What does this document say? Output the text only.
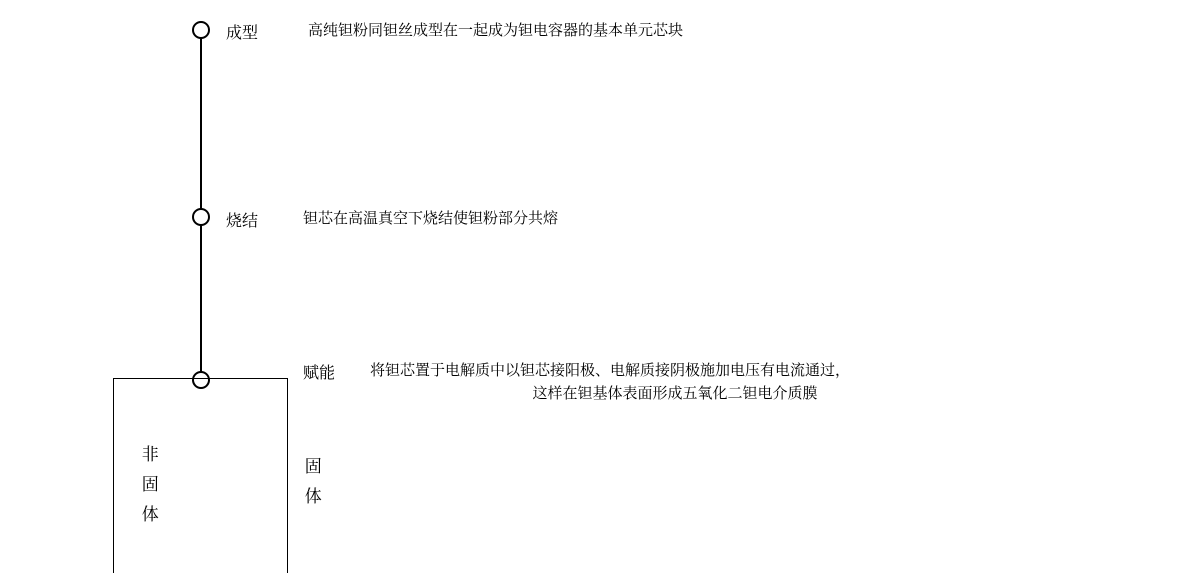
成型	高纯钽粉同钽丝成型在一起成为钽电容器的基本单元芯块
烧结	钽芯在高温真空下烧结使钽粉部分共熔
赋能 将钽芯置于电解质中以钽芯接阳极、电解质接阴极施加电压有电流通过，
这样在钽基体表面形成五氧化二钽电介质膜
非
固
体
固
体
